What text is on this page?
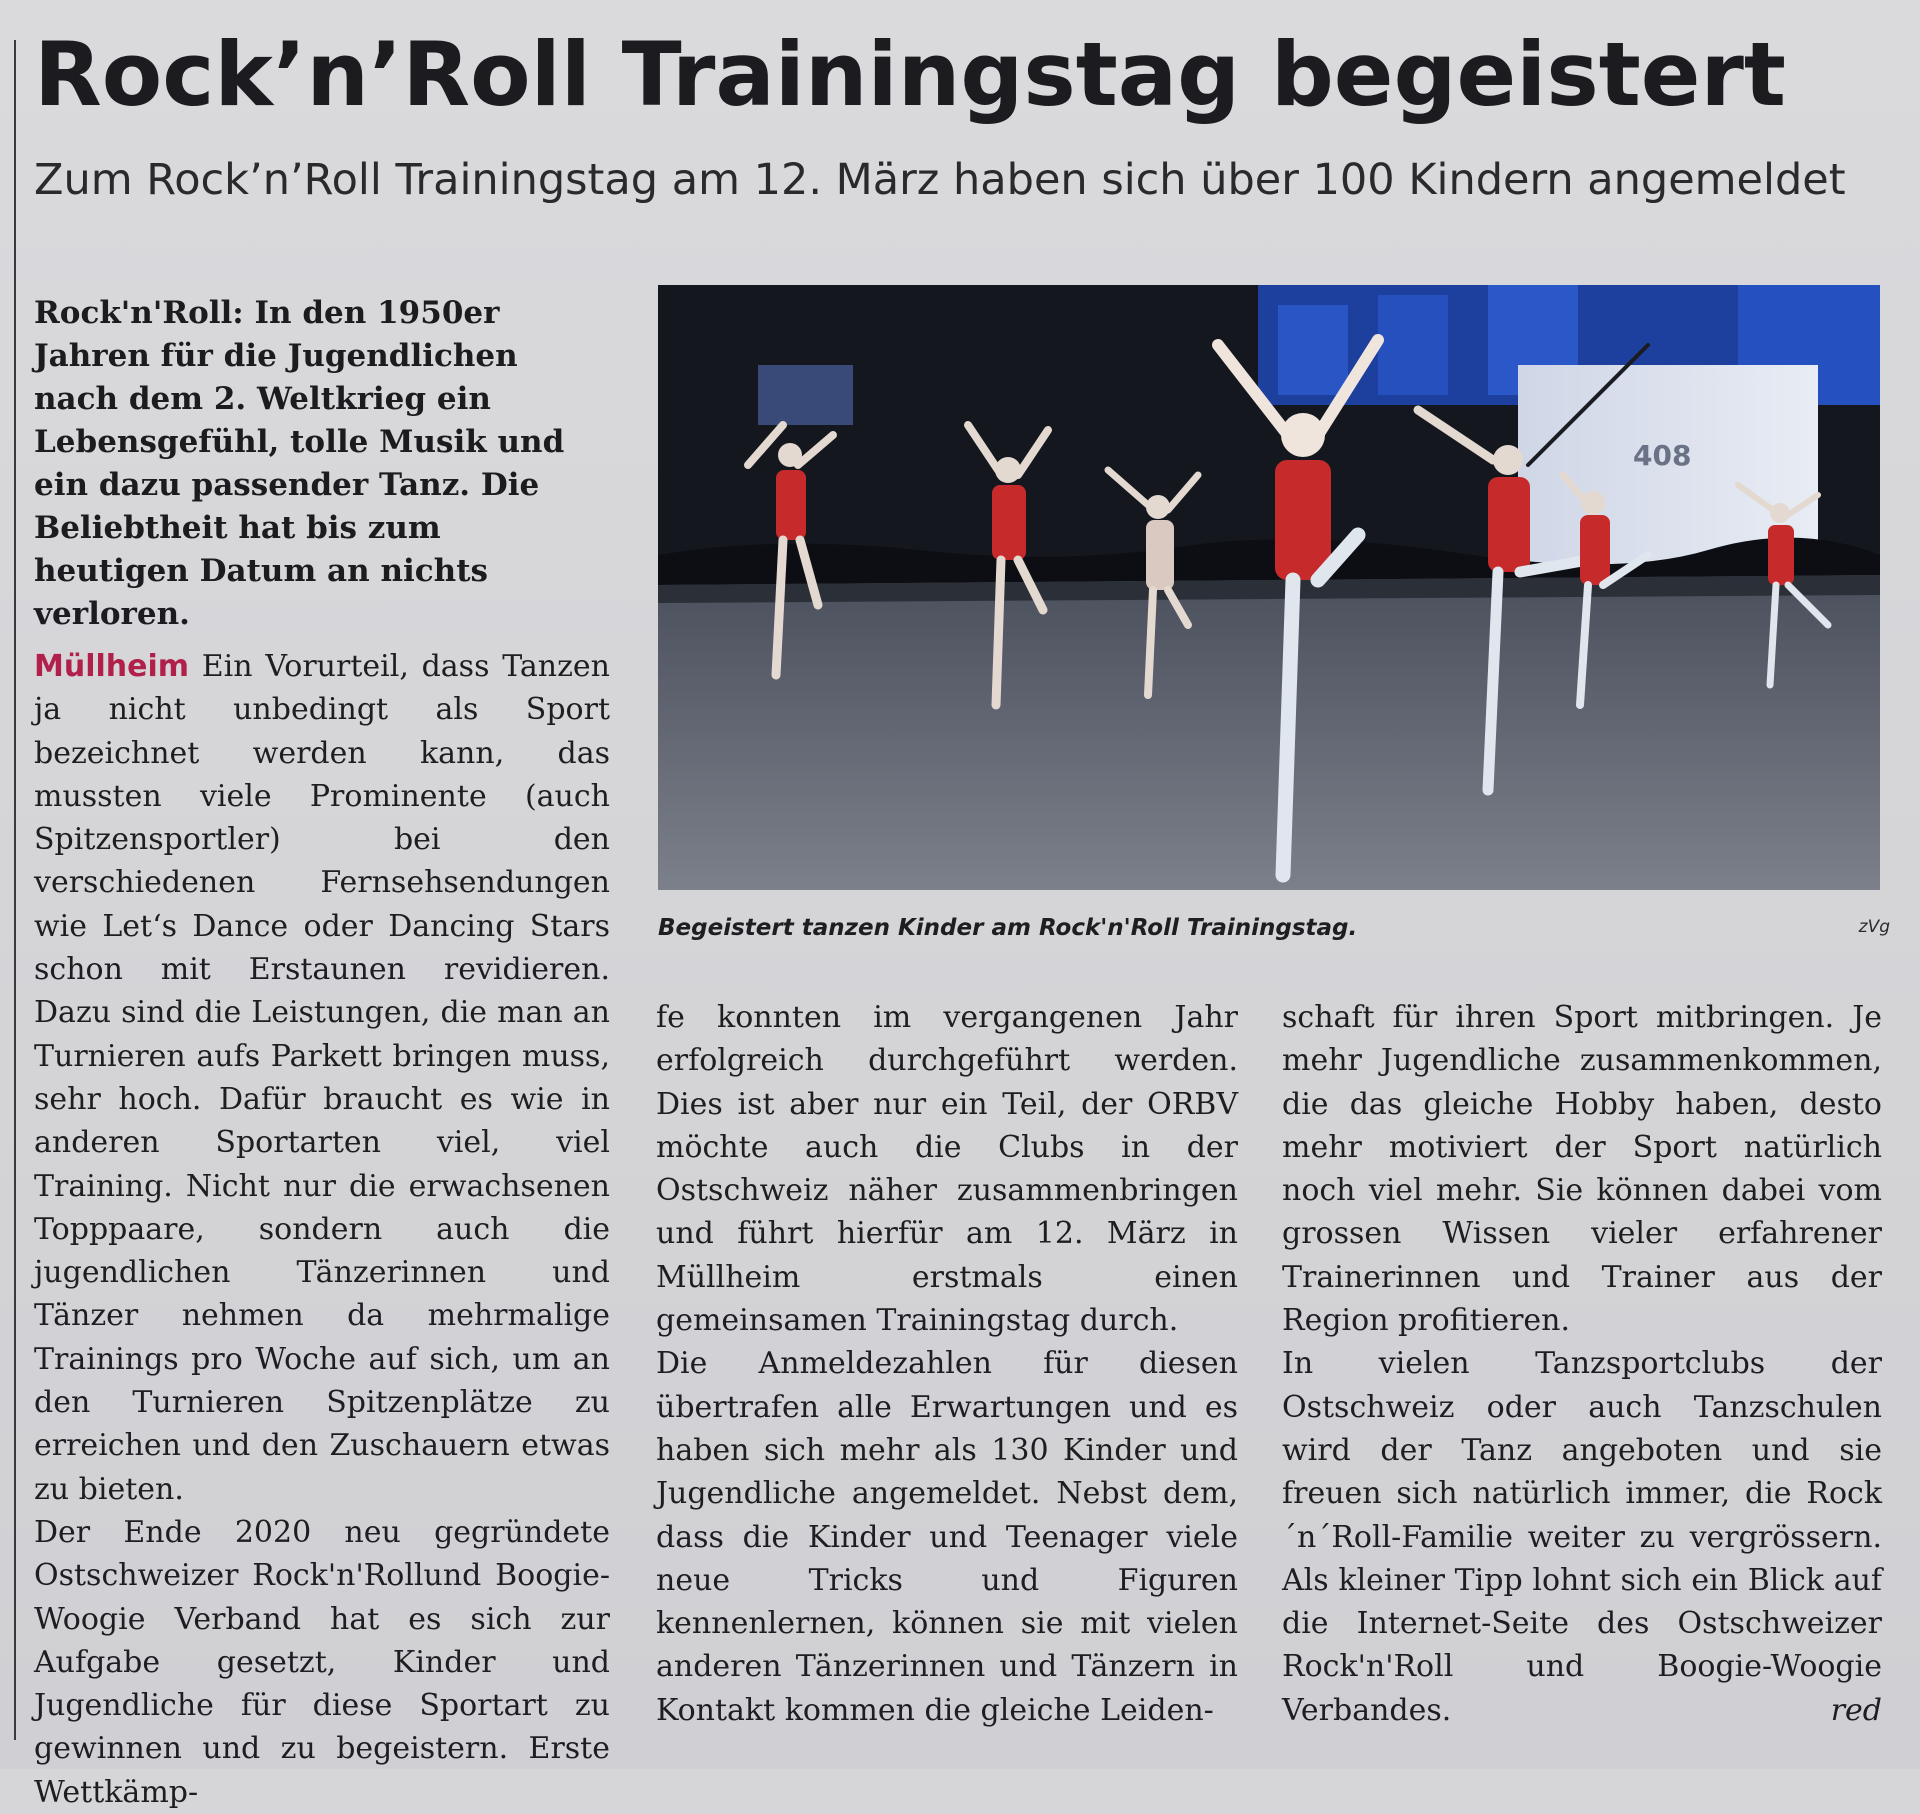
Rock’n’Roll Trainingstag begeistert
Zum Rock’n’Roll Trainingstag am 12. März haben sich über 100 Kindern angemeldet
Rock'n'Roll: In den 1950er Jahren für die Jugendlichen nach dem 2. Weltkrieg ein Lebensgefühl, tolle Musik und ein dazu passender Tanz. Die Beliebtheit hat bis zum heutigen Datum an nichts verloren.
408
Begeistert tanzen Kinder am Rock'n'Roll Trainingstag.	zVg

Müllheim Ein Vorurteil, dass Tanzen ja nicht unbedingt als Sport bezeichnet werden kann, das mussten viele Prominente (auch Spitzensportler) bei den verschiedenen Fernsehsendungen wie Let‘s Dance oder Dancing Stars schon mit Erstaunen revidieren. Dazu sind die Leistungen, die man an Turnieren aufs Parkett bringen muss, sehr hoch. Dafür braucht es wie in anderen Sportarten viel, viel Training. Nicht nur die erwachsenen Topppaare, sondern auch die jugendlichen Tänzerinnen und Tänzer nehmen da mehrmalige Trainings pro Woche auf sich, um an den Turnieren Spitzenplätze zu erreichen und den Zuschauern etwas zu bieten.

Der Ende 2020 neu gegründete Ostschweizer Rock'n'Rollund Boogie-Woogie Verband hat es sich zur Aufgabe gesetzt, Kinder und Jugendliche für diese Sportart zu gewinnen und zu begeistern. Erste Wettkämp-

fe konnten im vergangenen Jahr erfolgreich durchgeführt werden. Dies ist aber nur ein Teil, der ORBV möchte auch die Clubs in der Ostschweiz näher zusammenbringen und führt hierfür am 12. März in Müllheim erstmals einen gemeinsamen Trainingstag durch.

Die Anmeldezahlen für diesen übertrafen alle Erwartungen und es haben sich mehr als 130 Kinder und Jugendliche angemeldet. Nebst dem, dass die Kinder und Teenager viele neue Tricks und Figuren kennenlernen, können sie mit vielen anderen Tänzerinnen und Tänzern in Kontakt kommen die gleiche Leiden-

schaft für ihren Sport mitbringen. Je mehr Jugendliche zusammenkommen, die das gleiche Hobby haben, desto mehr motiviert der Sport natürlich noch viel mehr. Sie können dabei vom grossen Wissen vieler erfahrener Trainerinnen und Trainer aus der Region profitieren.

In vielen Tanzsportclubs der Ostschweiz oder auch Tanzschulen wird der Tanz angeboten und sie freuen sich natürlich immer, die Rock´n´Roll-Familie weiter zu vergrössern. Als kleiner Tipp lohnt sich ein Blick auf die Internet-Seite des Ostschweizer Rock'n'Roll und Boogie-Woogie Verbandes.	red
